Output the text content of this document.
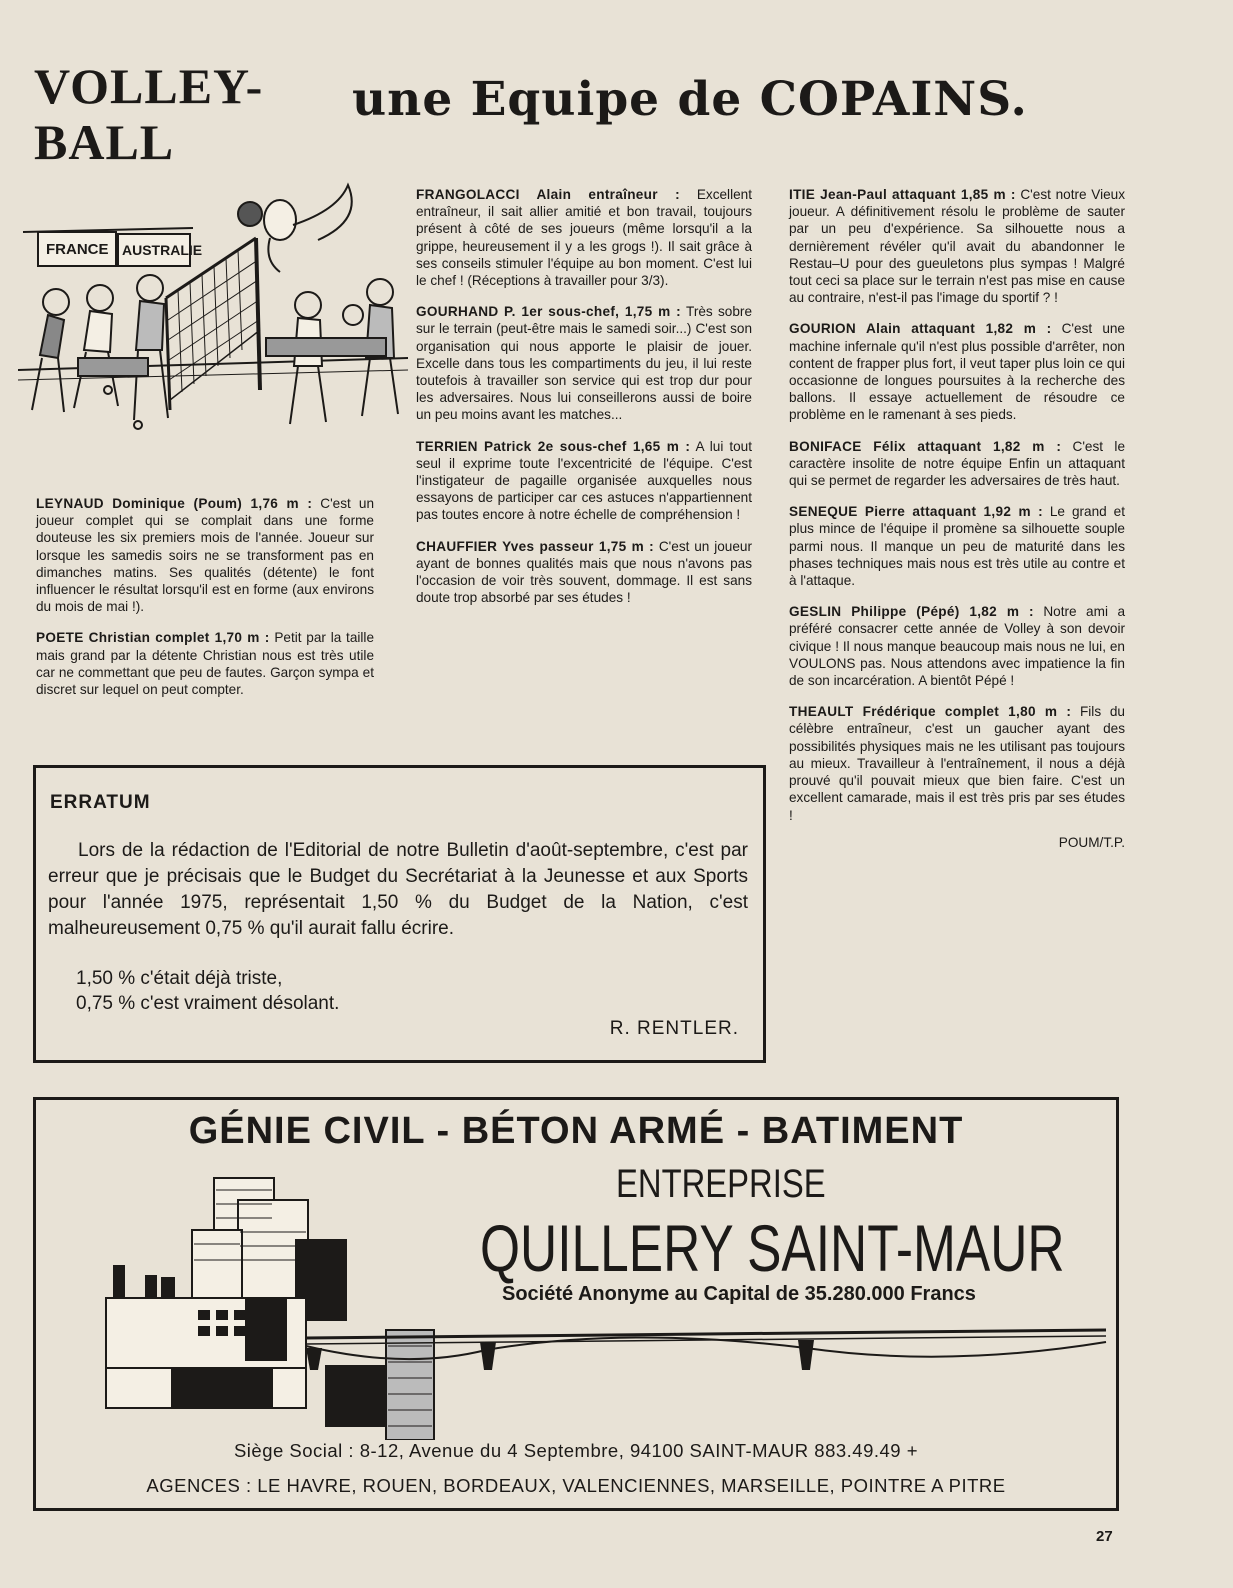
VOLLEY-
BALL
une Equipe de COPAINS.
FRANCE AUSTRALIE

LEYNAUD Dominique (Poum) 1,76 m : C'est un joueur complet qui se complait dans une forme douteuse les six premiers mois de l'année. Joueur sur lorsque les samedis soirs ne se transforment pas en dimanches matins. Ses qualités (détente) le font influencer le résultat lorsqu'il est en forme (aux environs du mois de mai !).

POETE Christian complet 1,70 m : Petit par la taille mais grand par la détente Christian nous est très utile car ne commettant que peu de fautes. Garçon sympa et discret sur lequel on peut compter.

FRANGOLACCI Alain entraîneur : Excellent entraîneur, il sait allier amitié et bon travail, toujours présent à côté de ses joueurs (même lorsqu'il a la grippe, heureusement il y a les grogs !). Il sait grâce à ses conseils stimuler l'équipe au bon moment. C'est lui le chef ! (Réceptions à travailler pour 3/3).

GOURHAND P. 1er sous-chef, 1,75 m : Très sobre sur le terrain (peut-être mais le samedi soir...) C'est son organisation qui nous apporte le plaisir de jouer. Excelle dans tous les compartiments du jeu, il lui reste toutefois à travailler son service qui est trop dur pour les adversaires. Nous lui conseillerons aussi de boire un peu moins avant les matches...

TERRIEN Patrick 2e sous-chef 1,65 m : A lui tout seul il exprime toute l'excentricité de l'équipe. C'est l'instigateur de pagaille organisée auxquelles nous essayons de participer car ces astuces n'appartiennent pas toutes encore à notre échelle de compréhension !

CHAUFFIER Yves passeur 1,75 m : C'est un joueur ayant de bonnes qualités mais que nous n'avons pas l'occasion de voir très souvent, dommage. Il est sans doute trop absorbé par ses études !

ITIE Jean-Paul attaquant 1,85 m : C'est notre Vieux joueur. A définitivement résolu le problème de sauter par un peu d'expérience. Sa silhouette nous a dernièrement révéler qu'il avait du abandonner le Restau–U pour des gueuletons plus sympas ! Malgré tout ceci sa place sur le terrain n'est pas mise en cause au contraire, n'est-il pas l'image du sportif ? !

GOURION Alain attaquant 1,82 m : C'est une machine infernale qu'il n'est plus possible d'arrêter, non content de frapper plus fort, il veut taper plus loin ce qui occasionne de longues poursuites à la recherche des ballons. Il essaye actuellement de résoudre ce problème en le ramenant à ses pieds.

BONIFACE Félix attaquant 1,82 m : C'est le caractère insolite de notre équipe Enfin un attaquant qui se permet de regarder les adversaires de très haut.

SENEQUE Pierre attaquant 1,92 m : Le grand et plus mince de l'équipe il promène sa silhouette souple parmi nous. Il manque un peu de maturité dans les phases techniques mais nous est très utile au contre et à l'attaque.

GESLIN Philippe (Pépé) 1,82 m : Notre ami a préféré consacrer cette année de Volley à son devoir civique ! Il nous manque beaucoup mais nous ne lui, en VOULONS pas. Nous attendons avec impatience la fin de son incarcération. A bientôt Pépé !

THEAULT Frédérique complet 1,80 m : Fils du célèbre entraîneur, c'est un gaucher ayant des possibilités physiques mais ne les utilisant pas toujours au mieux. Travailleur à l'entraînement, il nous a déjà prouvé qu'il pouvait mieux que bien faire. C'est un excellent camarade, mais il est très pris par ses études !

POUM/T.P.

ERRATUM

Lors de la rédaction de l'Editorial de notre Bulletin d'août-septembre, c'est par erreur que je précisais que le Budget du Secrétariat à la Jeunesse et aux Sports pour l'année 1975, représentait 1,50 % du Budget de la Nation, c'est malheureusement 0,75 % qu'il aurait fallu écrire.

1,50 % c'était déjà triste,
0,75 % c'est vraiment désolant.
R. RENTLER.
GÉNIE CIVIL - BÉTON ARMÉ - BATIMENT
ENTREPRISE
QUILLERY SAINT-MAUR
Société Anonyme au Capital de 35.280.000 Francs
Siège Social : 8-12, Avenue du 4 Septembre, 94100 SAINT-MAUR 883.49.49 +
AGENCES : LE HAVRE, ROUEN, BORDEAUX, VALENCIENNES, MARSEILLE, POINTRE A PITRE
27
